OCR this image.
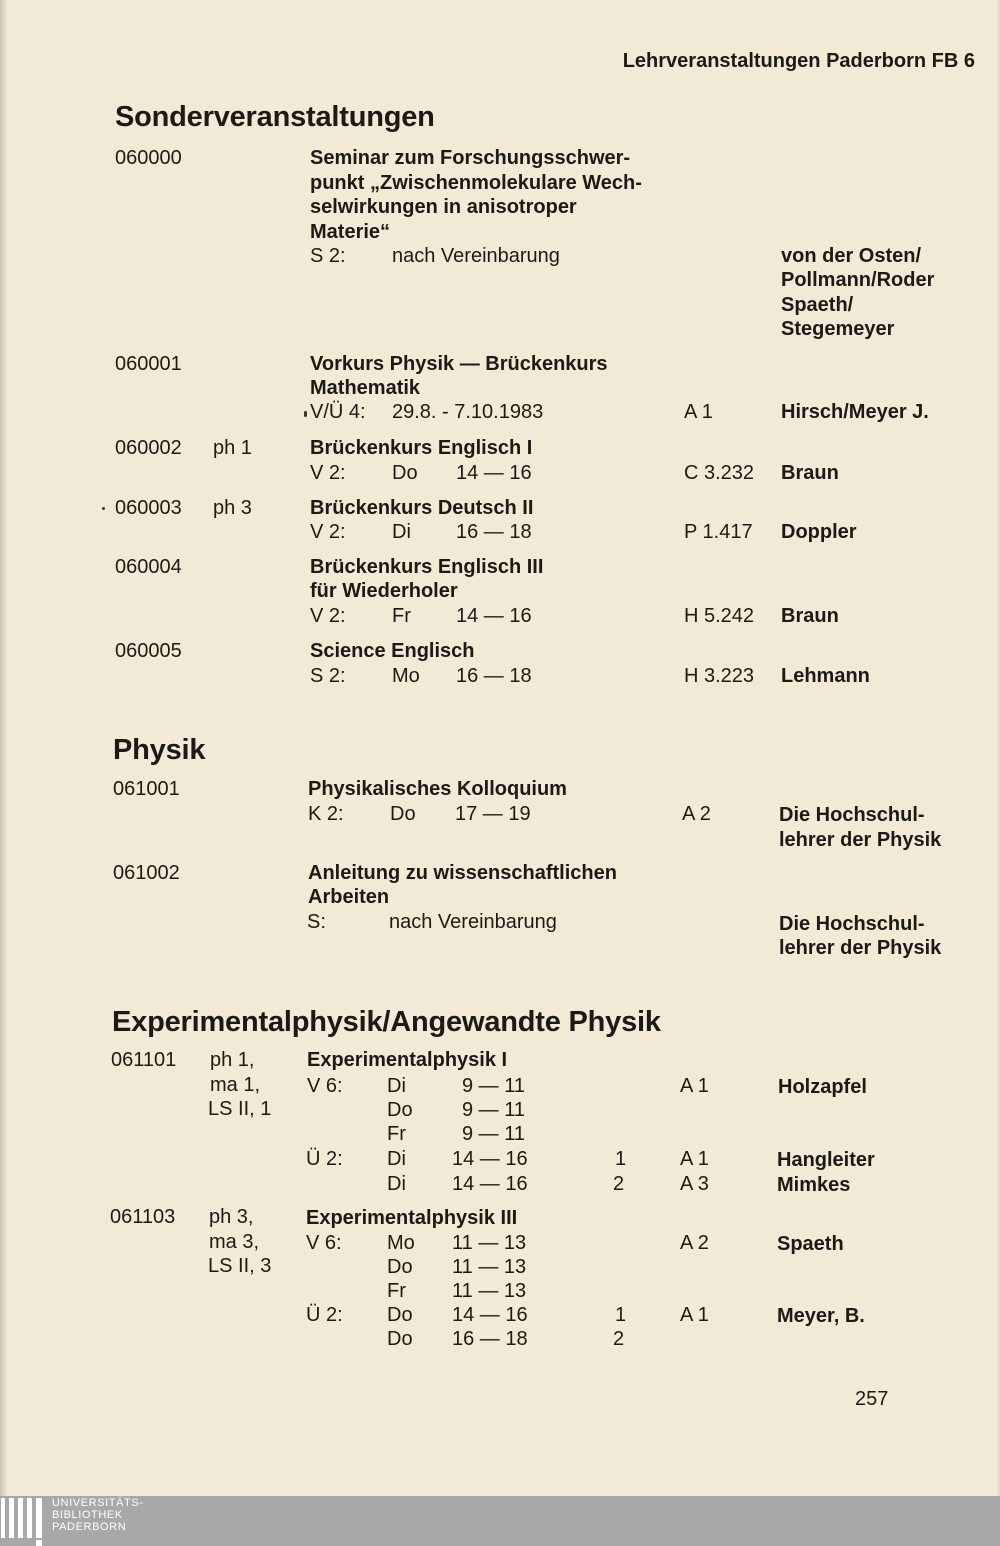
Lehrveranstaltungen Paderborn FB 6
Sonderveranstaltungen
060000	Seminar zum Forschungsschwer-
punkt „Zwischenmolekulare Wech-
selwirkungen in anisotroper
Materie“
S 2: nach Vereinbarung	von der Osten/
Pollmann/Roder
Spaeth/
Stegemeyer
060001	Vorkurs Physik — Brückenkurs
Mathematik
V/Ü 4: 29.8. - 7.10.1983	A 1	Hirsch/Meyer J.
060002 ph 1	Brückenkurs Englisch I
V 2: Do 14 — 16	C 3.232 Braun
060003 ph 3	Brückenkurs Deutsch II
V 2: Di 16 — 18	P 1.417 Doppler
060004	Brückenkurs Englisch III
für Wiederholer
V 2: Fr 14 — 16	H 5.242 Braun
060005	Science Englisch
S 2: Mo 16 — 18	H 3.223 Lehmann
Physik
061001	Physikalisches Kolloquium
K 2: Do 17 — 19	A 2	Die Hochschul-
lehrer der Physik
061002	Anleitung zu wissenschaftlichen
Arbeiten
S:	nach Vereinbarung	Die Hochschul-
lehrer der Physik
Experimentalphysik/Angewandte Physik
061101 ph 1,
ma 1,
LS II, 1
Experimentalphysik I
V 6: Di	9 — 11	A 1	Holzapfel
Do 9 — 11
Fr	9 — 11
Ü 2: Di 14 — 16	1	A 1	Hangleiter
Di 14 — 16	2	A 3	Mimkes
061103 ph 3,
ma 3,
LS II, 3
Experimentalphysik III
V 6: Mo 11 — 13	A 2	Spaeth
Do 11 — 13
Fr 11 — 13
Ü 2: Do 14 — 16	1	A 1	Meyer, B.
Do 16 — 18	2
257
UNIVERSITÄTS-
BIBLIOTHEK
PADERBORN
